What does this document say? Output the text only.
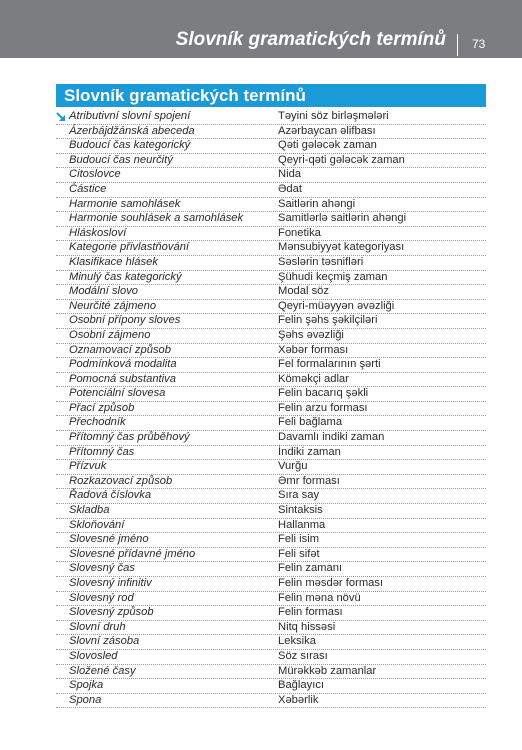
Slovník gramatických termínů 73
Slovník gramatických termínů
Atributivní slovní spojení	Təyini söz birləşmələri
Ázerbájdžánská abeceda	Azərbaycan əlifbası
Budoucí čas kategorický	Qəti gələcək zaman
Budoucí čas neurčitý	Qeyri-qəti gələcək zaman
Citoslovce	Nida
Částice	Ədat
Harmonie samohlásek	Saitlərin ahəngi
Harmonie souhlásek a samohlásek	Samitlərlə saitlərin ahəngi
Hláskosloví	Fonetika
Kategorie přivlastňování	Mənsubiyyət kategoriyası
Klasifikace hlásek	Səslərin təsnifləri
Minulý čas kategorický	Şühudi keçmiş zaman
Modální slovo	Modal söz
Neurčité zájmeno	Qeyri-müəyyən əvəzliği
Osobní přípony sloves	Felin şəhs şəkilçiləri
Osobní zájmeno	Şəhs əvəzliği
Oznamovací způsob	Xəbər forması
Podmínková modalita	Fel formalarının şərti
Pomocná substantiva	Köməkçi adlar
Potenciální slovesa	Felin bacarıq şəkli
Přací způsob	Felin arzu forması
Přechodník	Feli bağlama
Přítomný čas průběhový	Davamlı indiki zaman
Přítomný čas	İndiki zaman
Přízvuk	Vurğu
Rozkazovací způsob	Əmr forması
Řadová číslovka	Sıra say
Skladba	Sintaksis
Skloňování	Hallanma
Slovesné jméno	Feli isim
Slovesné přídavné jméno	Feli sifət
Slovesný čas	Felin zamanı
Slovesný infinitiv	Felin məsdər forması
Slovesný rod	Felin məna növü
Slovesný způsob	Felin forması
Slovní druh	Nitq hissəsi
Slovní zásoba	Leksika
Slovosled	Söz sırası
Složené časy	Mürəkkəb zamanlar
Spojka	Bağlayıcı
Spona	Xəbərlik
